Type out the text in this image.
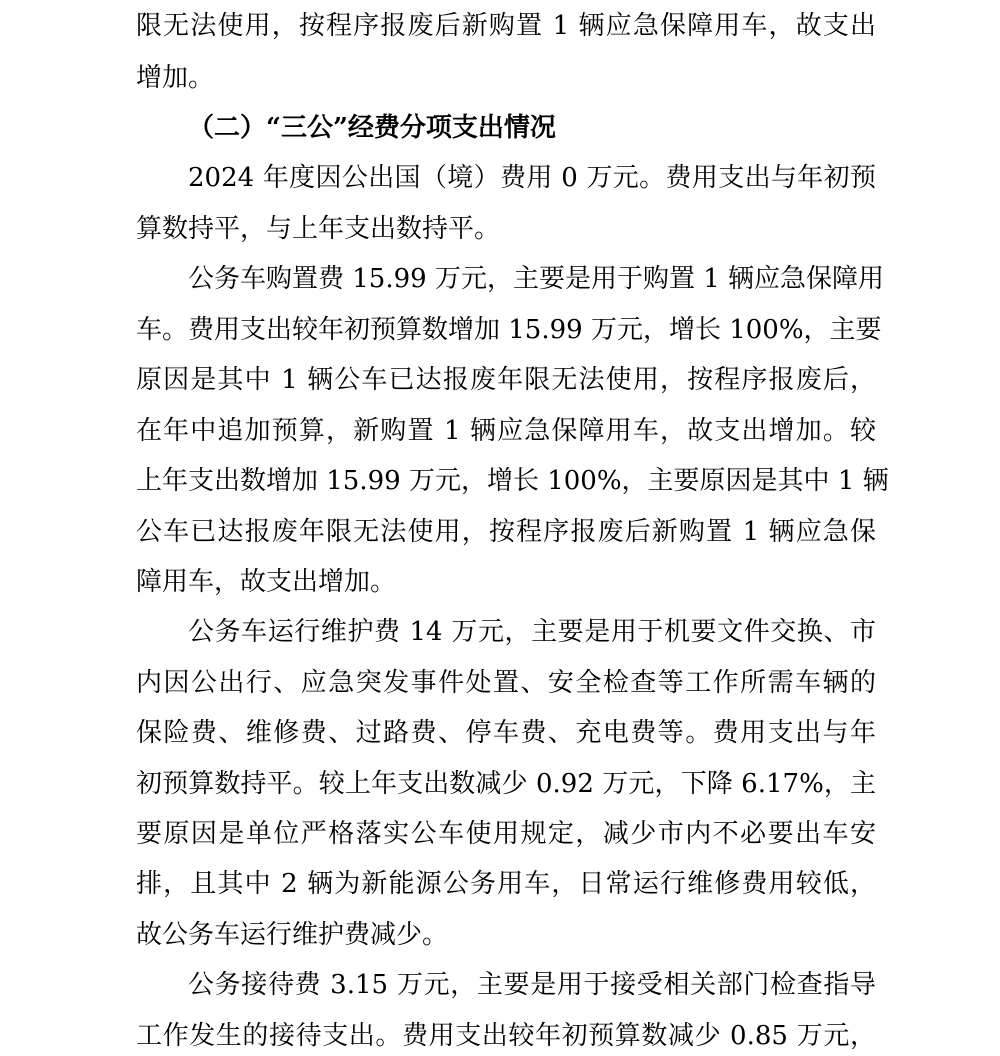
限无法使用，按程序报废后新购置 1 辆应急保障用车，故支出
增加。
（二）“三公”经费分项支出情况
2024 年度因公出国（境）费用 0 万元。费用支出与年初预
算数持平，与上年支出数持平。
公务车购置费 15.99 万元，主要是用于购置 1 辆应急保障用
车。费用支出较年初预算数增加 15.99 万元，增长 100%，主要
原因是其中 1 辆公车已达报废年限无法使用，按程序报废后，
在年中追加预算，新购置 1 辆应急保障用车，故支出增加。较
上年支出数增加 15.99 万元，增长 100%，主要原因是其中 1 辆
公车已达报废年限无法使用，按程序报废后新购置 1 辆应急保
障用车，故支出增加。
公务车运行维护费 14 万元，主要是用于机要文件交换、市
内因公出行、应急突发事件处置、安全检查等工作所需车辆的
保险费、维修费、过路费、停车费、充电费等。费用支出与年
初预算数持平。较上年支出数减少 0.92 万元，下降 6.17%，主
要原因是单位严格落实公车使用规定，减少市内不必要出车安
排，且其中 2 辆为新能源公务用车，日常运行维修费用较低，
故公务车运行维护费减少。
公务接待费 3.15 万元，主要是用于接受相关部门检查指导
工作发生的接待支出。费用支出较年初预算数减少 0.85 万元，
